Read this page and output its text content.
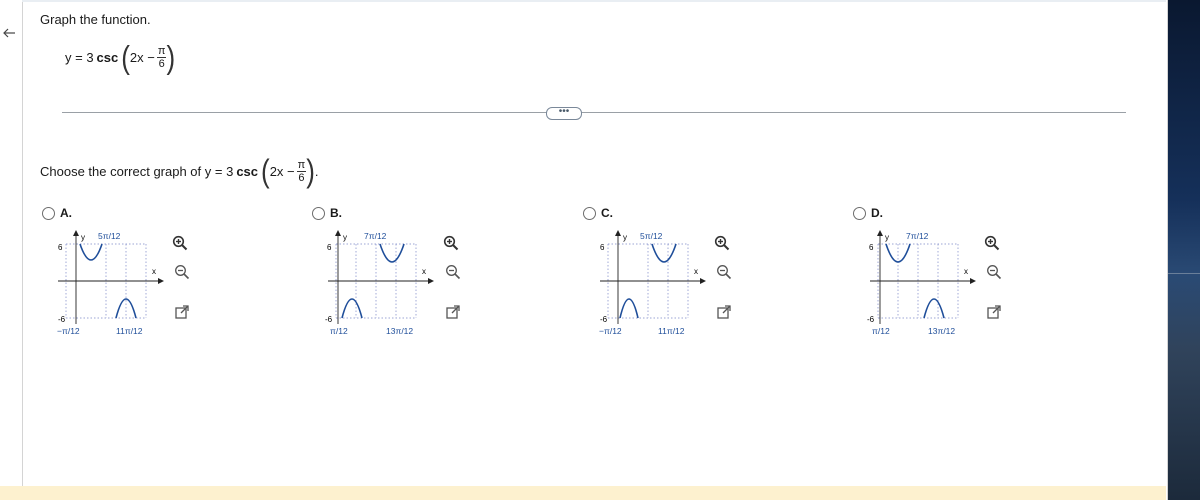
Graph the function.
y = 3 csc ( $2x - \frac{\pi}{6}$ )
•••
Choose the correct graph of y = 3 csc ( $2x - \frac{\pi}{6}$ ) .
A.	B.	C.	D.
y 5π/12
6
-6
x
−π/12	11π/12
y 7π/12
6
-6
x
π/12	13π/12
y 5π/12
6
-6
x
−π/12	11π/12
y 7π/12
6
-6
x
π/12	13π/12
